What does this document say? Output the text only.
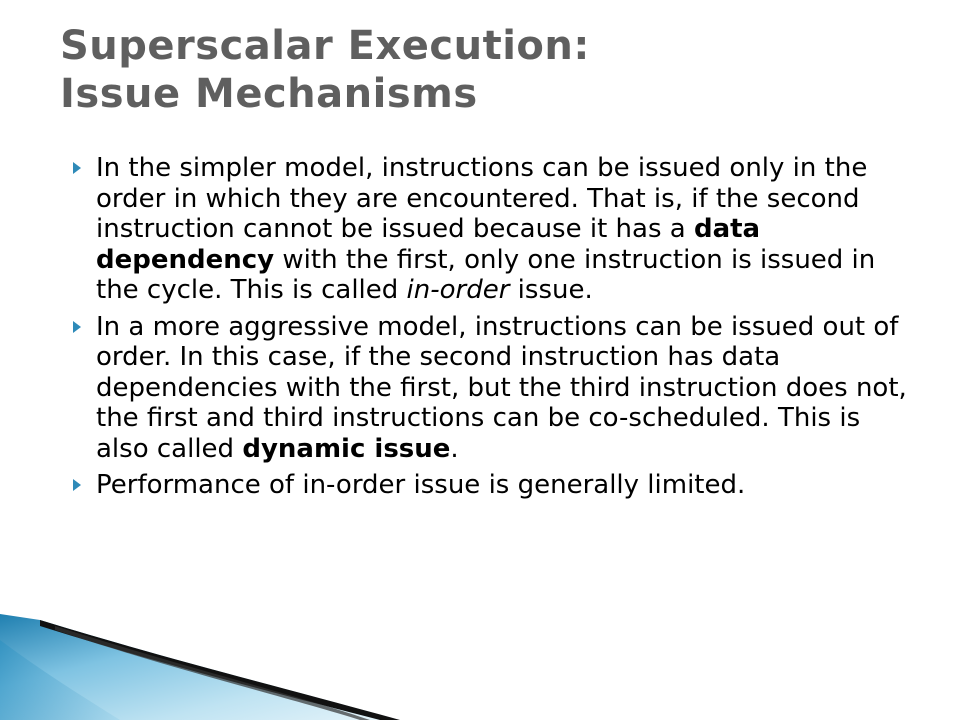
Superscalar Execution:
Issue Mechanisms
In the simpler model, instructions can be issued only in the order in which they are encountered. That is, if the second instruction cannot be issued because it has a data dependency with the first, only one instruction is issued in the cycle. This is called in-order issue.
In a more aggressive model, instructions can be issued out of order. In this case, if the second instruction has data dependencies with the first, but the third instruction does not, the first and third instructions can be co-scheduled. This is also called dynamic issue.
Performance of in-order issue is generally limited.
